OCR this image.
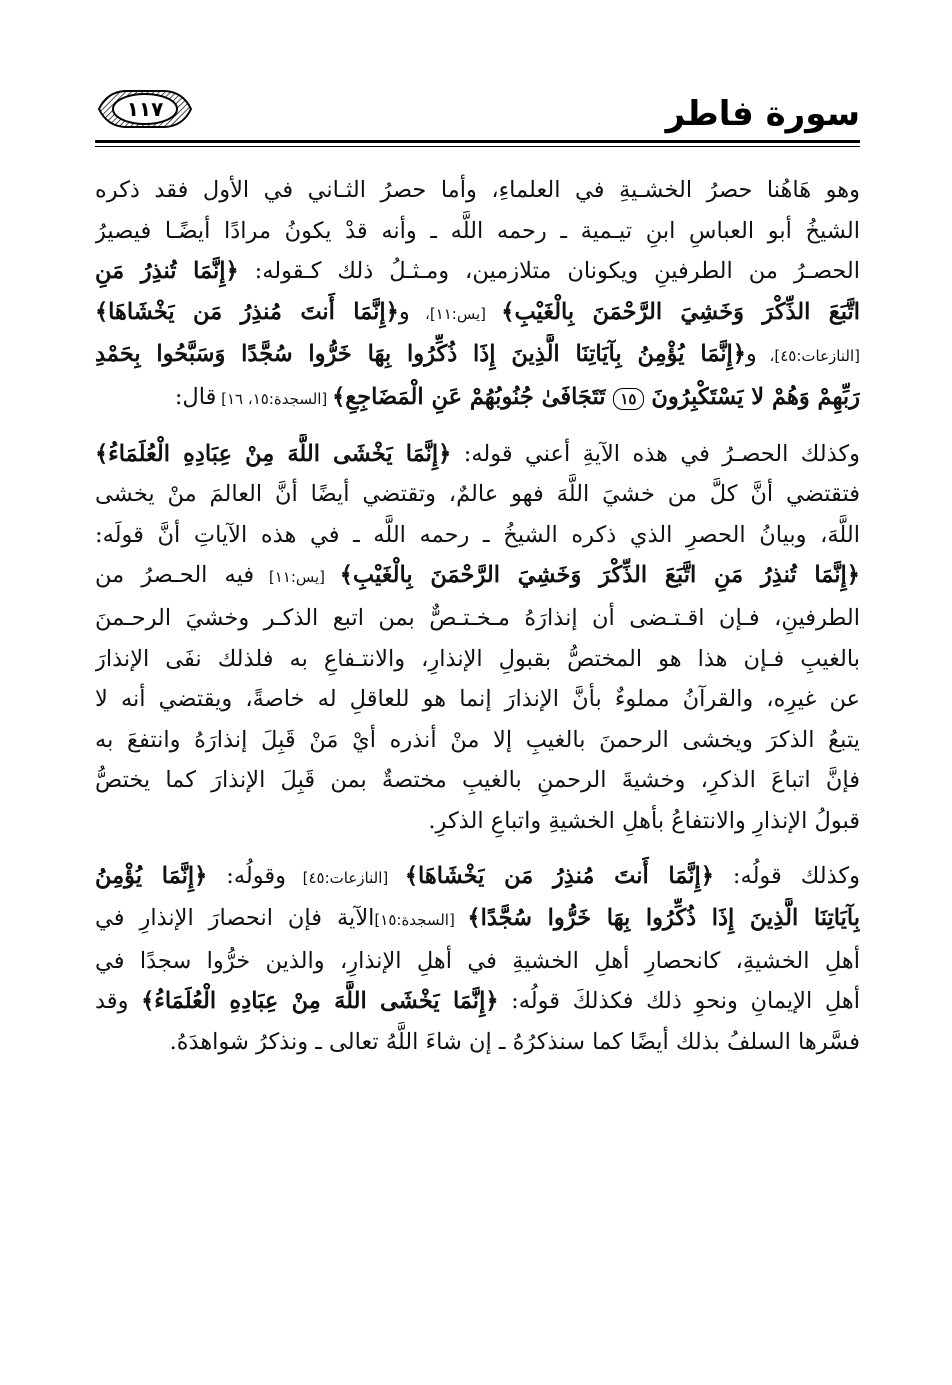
١١٧	سورة فاطر
وهو هَاهُنا حصرُ الخشـيةِ في العلماءِ، وأما حصرُ الثـاني في الأول فقد ذكره
الشيخُ أبو العباسِ ابنِ تيـمية ـ رحمه اللَّه ـ وأنه قدْ يكونُ مرادًا أيضًـا فيصيرُ
الحصـرُ من الطرفينِ ويكونان متلازمين، ومـثـلُ ذلك كـقوله: ﴿إِنَّمَا تُنذِرُ مَنِ
اتَّبَعَ الذِّكْرَ وَخَشِيَ الرَّحْمَنَ بِالْغَيْبِ﴾ [يس:١١]، و﴿إِنَّمَا أَنتَ مُنذِرُ مَن يَخْشَاهَا﴾
[النازعات:٤٥]، و﴿إِنَّمَا يُؤْمِنُ بِآيَاتِنَا الَّذِينَ إِذَا ذُكِّرُوا بِهَا خَرُّوا سُجَّدًا وَسَبَّحُوا بِحَمْدِ
رَبِّهِمْ وَهُمْ لا يَسْتَكْبِرُونَ ١٥ تَتَجَافَىٰ جُنُوبُهُمْ عَنِ الْمَضَاجِعِ﴾ [السجدة:١٥، ١٦] قال:
وكذلك الحصـرُ في هذه الآيةِ أعني قوله: ﴿إِنَّمَا يَخْشَى اللَّهَ مِنْ عِبَادِهِ الْعُلَمَاءُ﴾
فتقتضي أنَّ كلَّ من خشيَ اللَّهَ فهو عالمٌ، وتقتضي أيضًا أنَّ العالمَ منْ يخشى
اللَّهَ، وبيانُ الحصرِ الذي ذكره الشيخُ ـ رحمه اللَّه ـ في هذه الآياتِ أنَّ قولَه:
﴿إِنَّمَا تُنذِرُ مَنِ اتَّبَعَ الذِّكْرَ وَخَشِيَ الرَّحْمَنَ بِالْغَيْبِ﴾ [يس:١١] فيه الحـصرُ من
الطرفينِ، فـإن اقـتـضى أن إنذارَهُ مـخـتـصٌّ بمن اتبع الذكـر وخشيَ الرحـمنَ
بالغيبِ فـإن هذا هو المختصُّ بقبولِ الإنذارِ، والانتـفاعِ به فلذلك نفَى الإنذارَ
عن غيرِه، والقرآنُ مملوءٌ بأنَّ الإنذارَ إنما هو للعاقلِ له خاصةً، ويقتضي أنه لا
يتبعُ الذكرَ ويخشى الرحمنَ بالغيبِ إلا منْ أنذره أيْ مَنْ قَبِلَ إنذارَهُ وانتفعَ به
فإنَّ اتباعَ الذكرِ، وخشيةَ الرحمنِ بالغيبِ مختصةٌ بمن قَبِلَ الإنذارَ كما يختصُّ
قبولُ الإنذارِ والانتفاعُ بأهلِ الخشيةِ واتباعِ الذكرِ.
وكذلك قولُه: ﴿إِنَّمَا أَنتَ مُنذِرُ مَن يَخْشَاهَا﴾ [النازعات:٤٥] وقولُه: ﴿إِنَّمَا يُؤْمِنُ
بِآيَاتِنَا الَّذِينَ إِذَا ذُكِّرُوا بِهَا خَرُّوا سُجَّدًا﴾ [السجدة:١٥]الآية فإن انحصارَ الإنذارِ في
أهلِ الخشيةِ، كانحصارِ أهلِ الخشيةِ في أهلِ الإنذارِ، والذين خرُّوا سجدًا في
أهلِ الإيمانِ ونحوِ ذلك فكذلكَ قولُه: ﴿إِنَّمَا يَخْشَى اللَّهَ مِنْ عِبَادِهِ الْعُلَمَاءُ﴾ وقد
فسَّرها السلفُ بذلك أيضًا كما سنذكرُهُ ـ إن شاءَ اللَّهُ تعالى ـ ونذكرُ شواهدَهُ.
